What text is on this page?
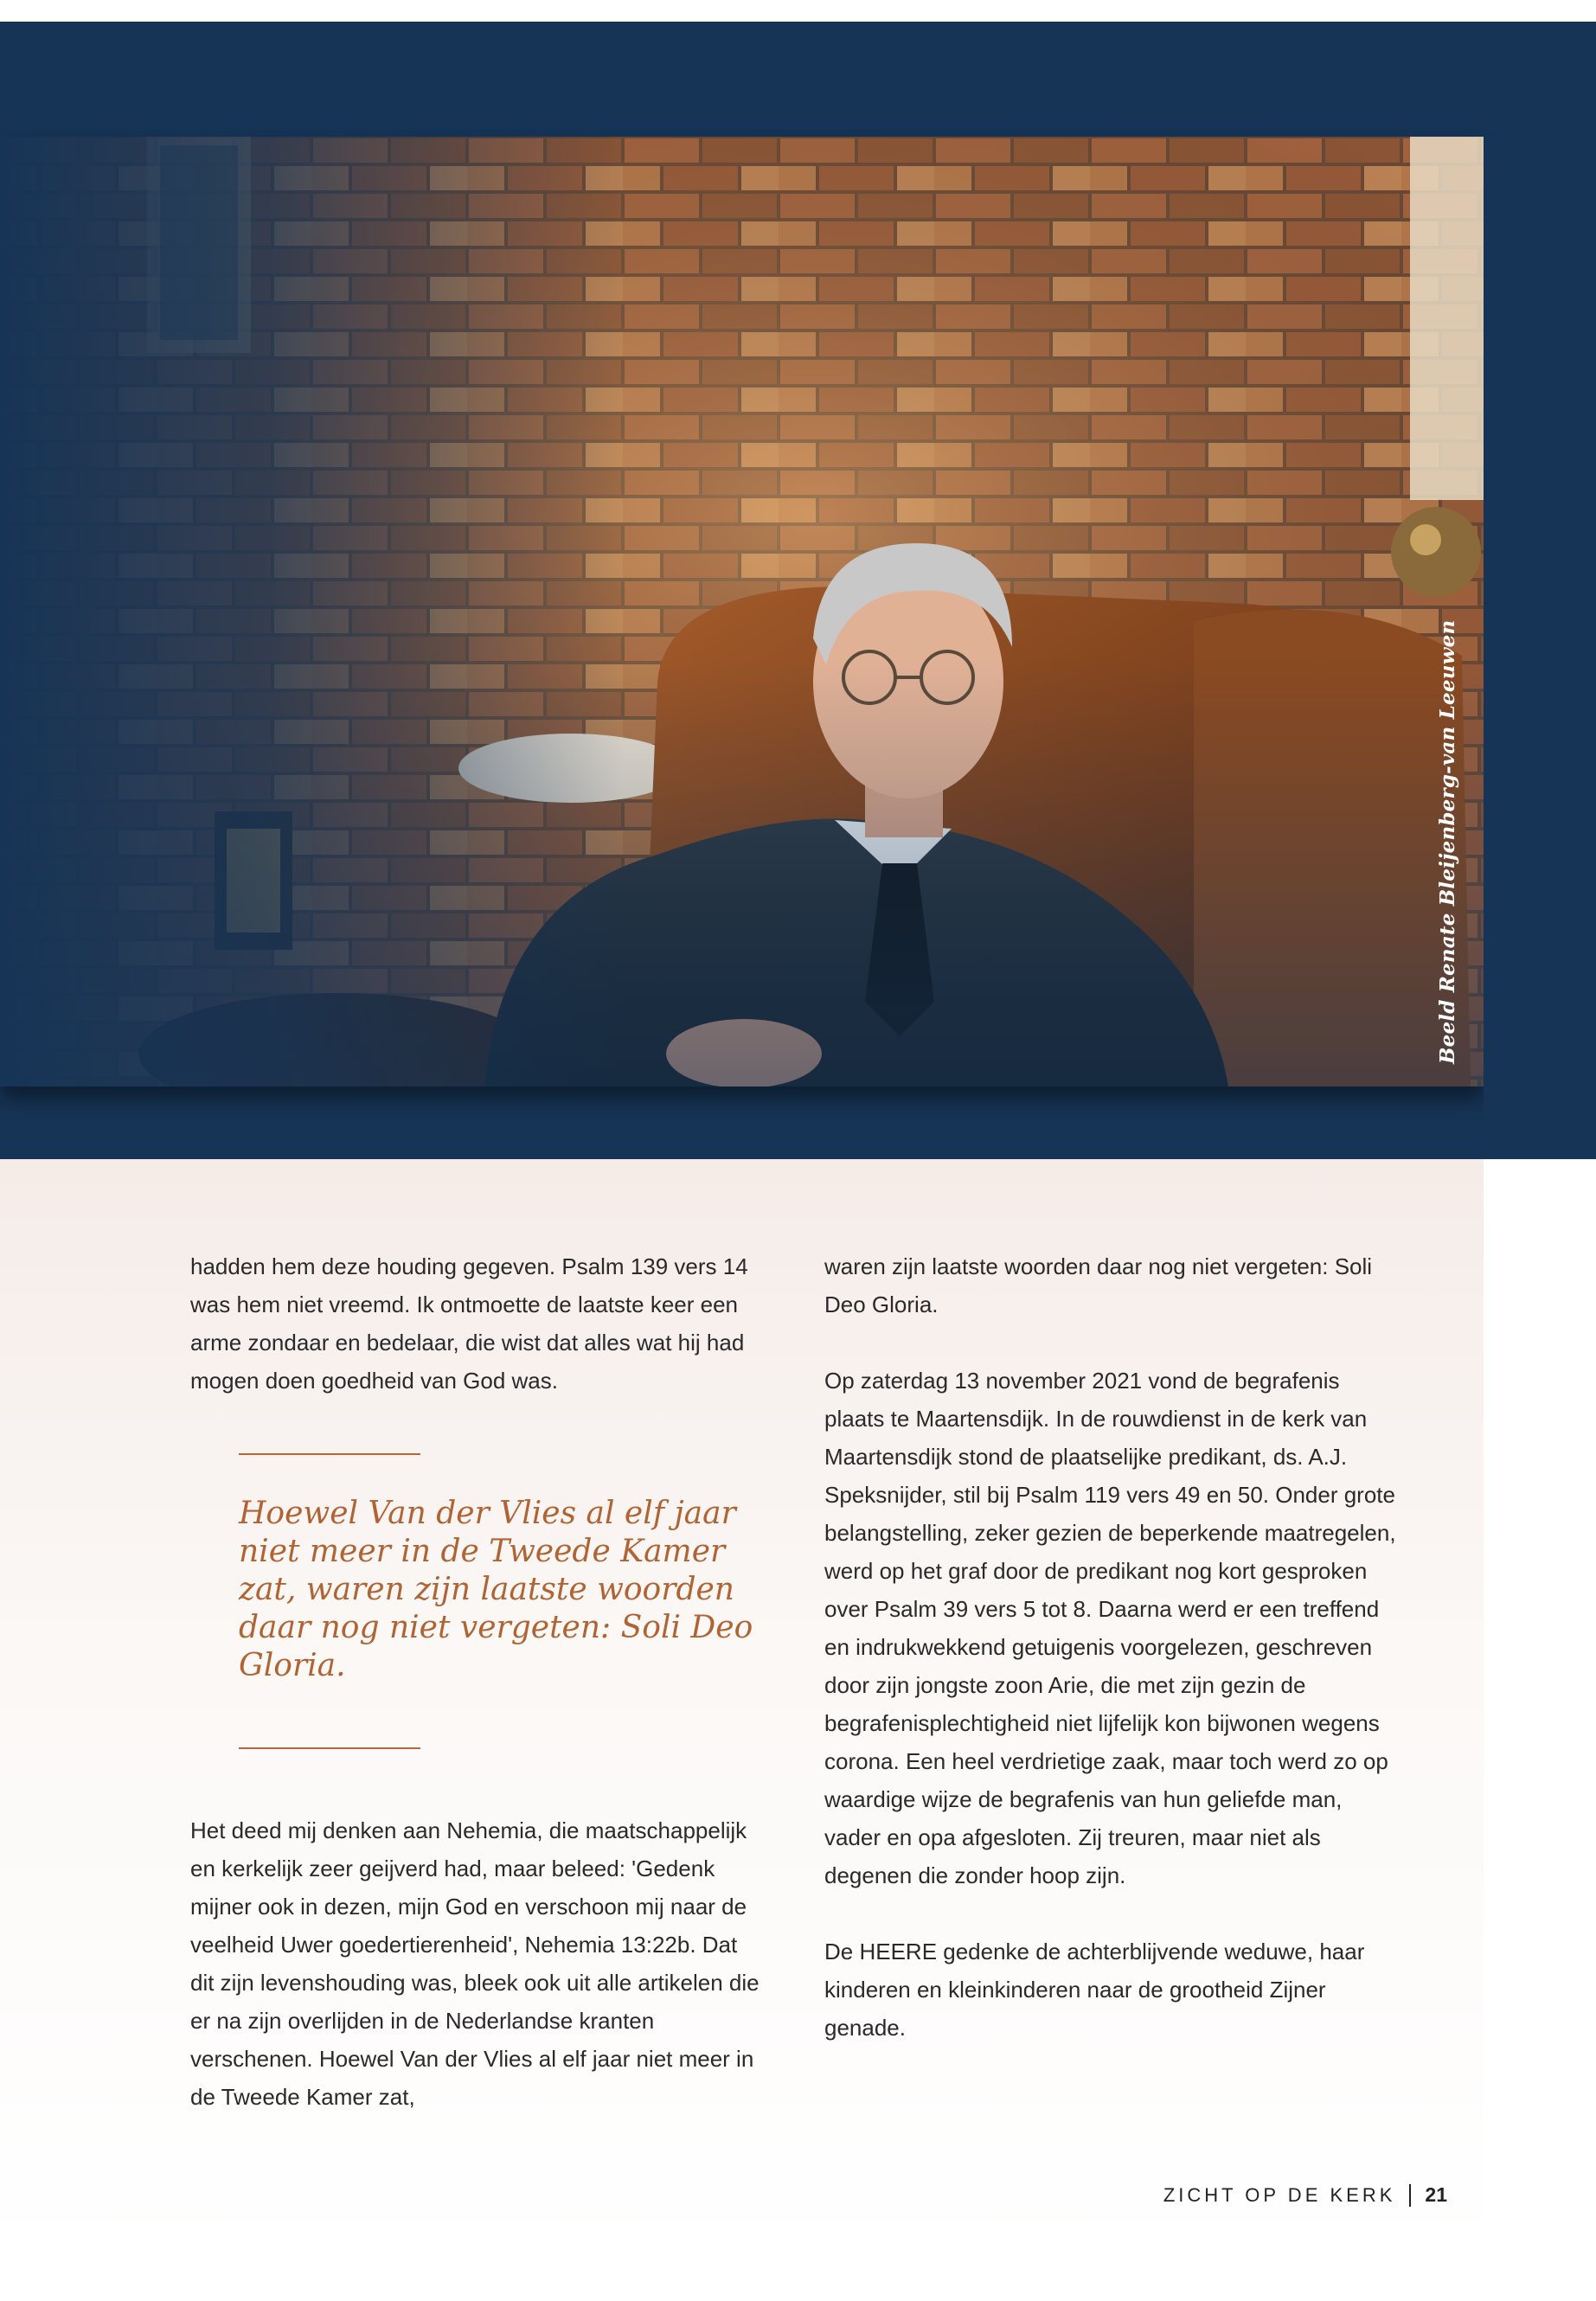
Beeld Renate Bleijenberg-van Leeuwen

hadden hem deze houding gegeven. Psalm 139 vers 14 was hem niet vreemd. Ik ontmoette de laatste keer een arme zondaar en bedelaar, die wist dat alles wat hij had mogen doen goedheid van God was.

Hoewel Van der Vlies al elf jaar niet meer in de Tweede Kamer zat, waren zijn laatste woorden daar nog niet vergeten: Soli Deo Gloria.

Het deed mij denken aan Nehemia, die maatschappelijk en kerkelijk zeer geijverd had, maar beleed: 'Gedenk mijner ook in dezen, mijn God en verschoon mij naar de veelheid Uwer goedertierenheid', Nehemia 13:22b. Dat dit zijn levenshouding was, bleek ook uit alle artikelen die er na zijn overlijden in de Nederlandse kranten verschenen. Hoewel Van der Vlies al elf jaar niet meer in de Tweede Kamer zat,

waren zijn laatste woorden daar nog niet vergeten: Soli Deo Gloria.

Op zaterdag 13 november 2021 vond de begrafenis plaats te Maartensdijk. In de rouwdienst in de kerk van Maartensdijk stond de plaatselijke predikant, ds. A.J. Speksnijder, stil bij Psalm 119 vers 49 en 50. Onder grote belangstelling, zeker gezien de beperkende maatregelen, werd op het graf door de predikant nog kort gesproken over Psalm 39 vers 5 tot 8. Daarna werd er een treffend en indrukwekkend getuigenis voorgelezen, geschreven door zijn jongste zoon Arie, die met zijn gezin de begrafenisplechtigheid niet lijfelijk kon bijwonen wegens corona. Een heel verdrietige zaak, maar toch werd zo op waardige wijze de begrafenis van hun geliefde man, vader en opa afgesloten. Zij treuren, maar niet als degenen die zonder hoop zijn.

De HEERE gedenke de achterblijvende weduwe, haar kinderen en kleinkinderen naar de grootheid Zijner genade.

ZICHT OP DE KERK 21
